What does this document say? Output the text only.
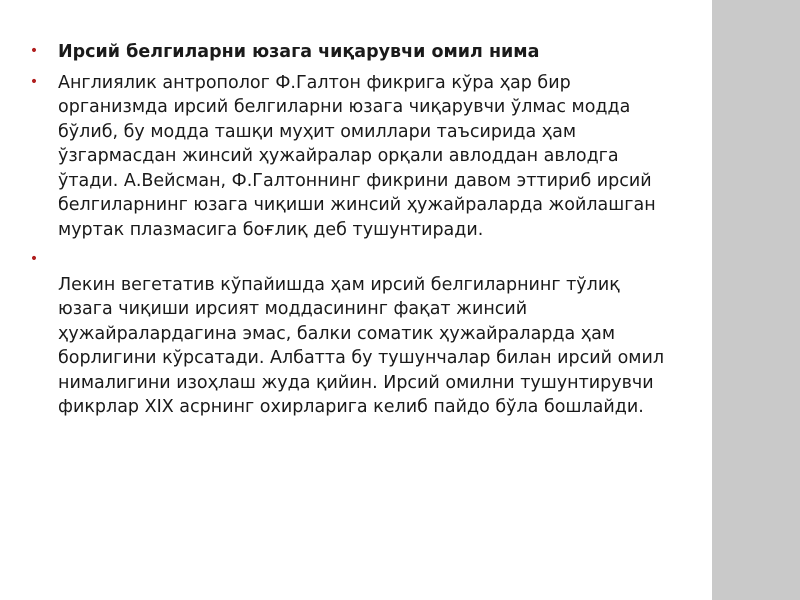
• Ирсий белгиларни юзага чиқарувчи омил нима
• Англиялик антрополог Ф.Галтон фикрига кўра ҳар бир организмда ирсий белгиларни юзага чиқарувчи ўлмас модда бўлиб, бу модда ташқи муҳит омиллари таъсирида ҳам ўзгармасдан жинсий ҳужайралар орқали авлоддан авлодга ўтади. А.Вейсман, Ф.Галтоннинг фикрини давом эттириб ирсий белгиларнинг юзага чиқиши жинсий ҳужайраларда жойлашган муртак плазмасига боғлиқ деб тушунтиради.
•
Лекин вегетатив кўпайишда ҳам ирсий белгиларнинг тўлиқ юзага чиқиши ирсият моддасининг фақат жинсий ҳужайралардагина эмас, балки соматик ҳужайраларда ҳам борлигини кўрсатади. Албатта бу тушунчалар билан ирсий омил нималигини изоҳлаш жуда қийин. Ирсий омилни тушунтирувчи фикрлар XIX асрнинг охирларига келиб пайдо бўла бошлайди.
